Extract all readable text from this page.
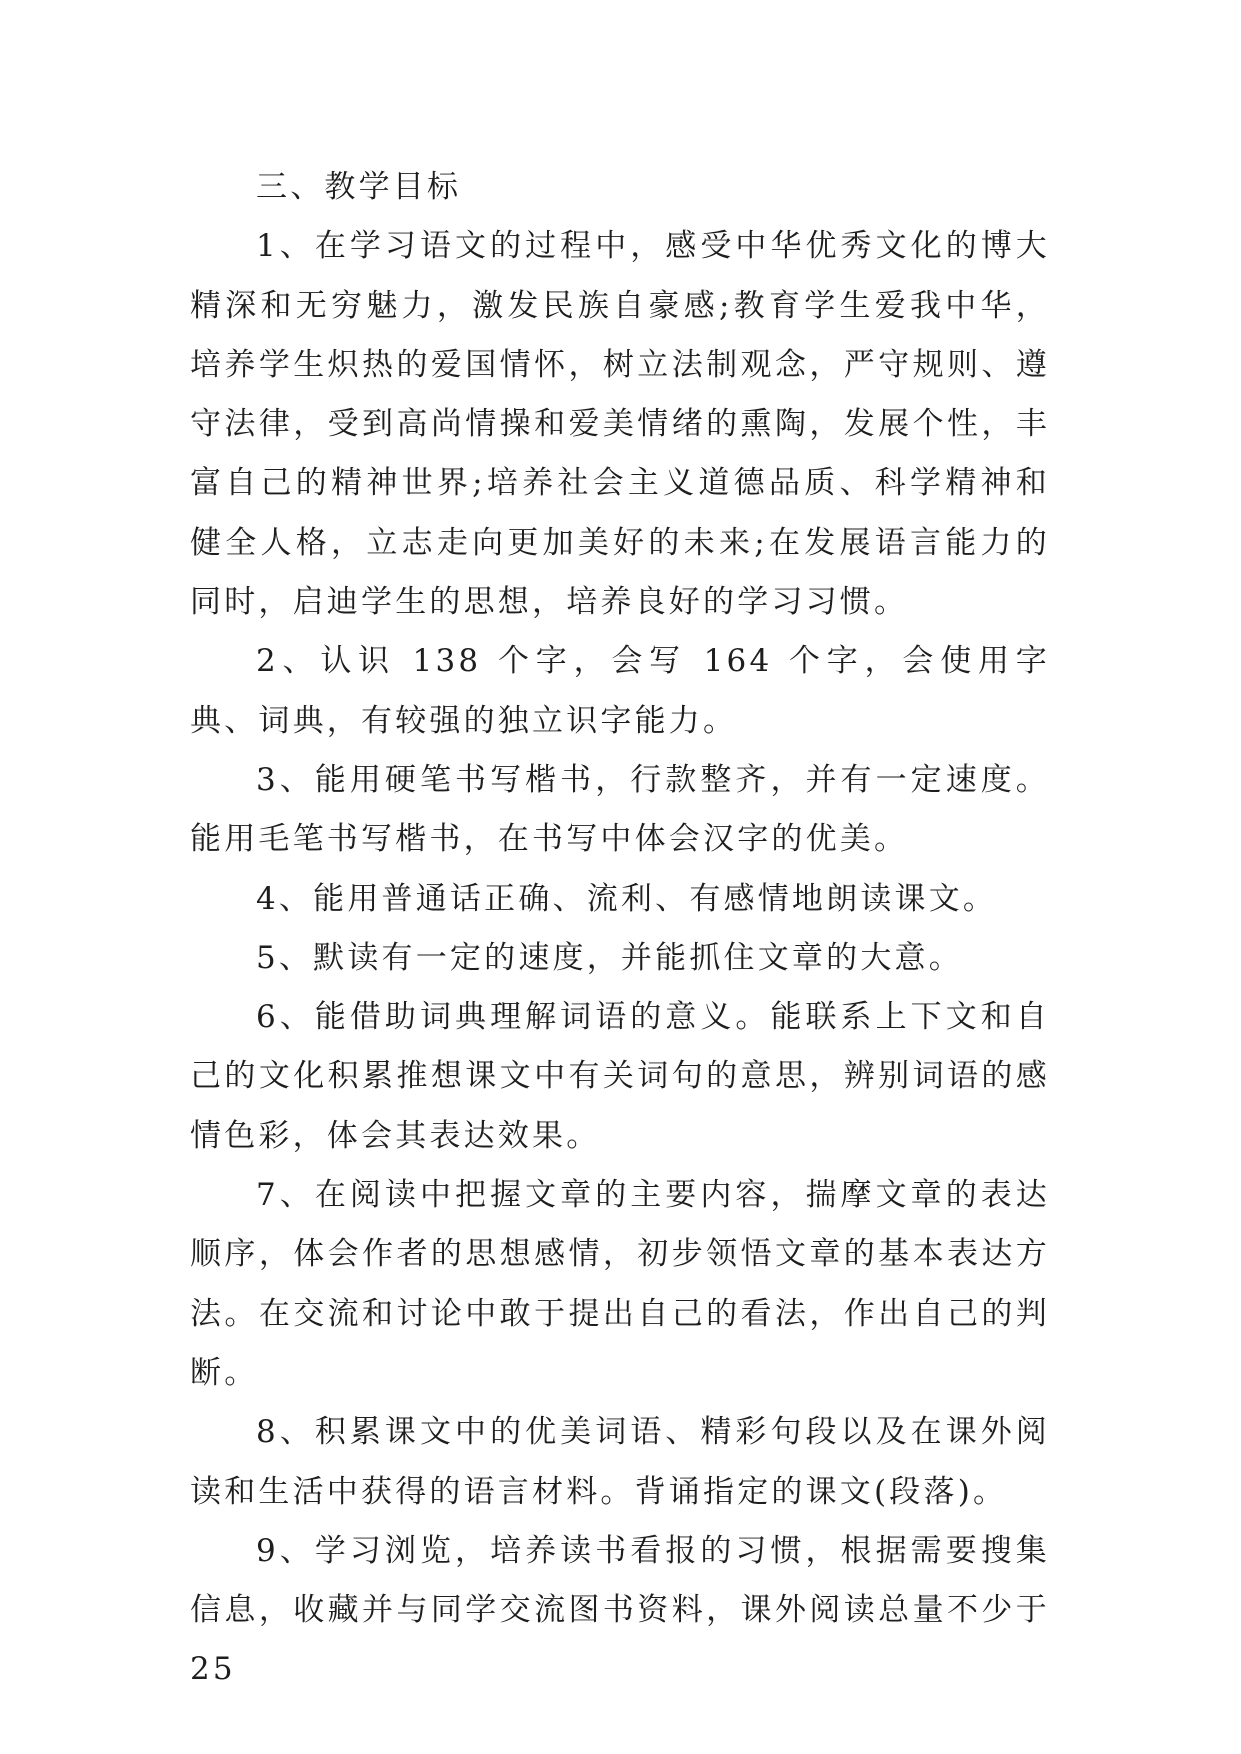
三、教学目标

1、在学习语文的过程中，感受中华优秀文化的博大精深和无穷魅力，激发民族自豪感;教育学生爱我中华，培养学生炽热的爱国情怀，树立法制观念，严守规则、遵守法律，受到高尚情操和爱美情绪的熏陶，发展个性，丰富自己的精神世界;培养社会主义道德品质、科学精神和健全人格，立志走向更加美好的未来;在发展语言能力的同时，启迪学生的思想，培养良好的学习习惯。

2、认识 138 个字，会写 164 个字，会使用字典、词典，有较强的独立识字能力。

3、能用硬笔书写楷书，行款整齐，并有一定速度。能用毛笔书写楷书，在书写中体会汉字的优美。

4、能用普通话正确、流利、有感情地朗读课文。

5、默读有一定的速度，并能抓住文章的大意。

6、能借助词典理解词语的意义。能联系上下文和自己的文化积累推想课文中有关词句的意思，辨别词语的感情色彩，体会其表达效果。

7、在阅读中把握文章的主要内容，揣摩文章的表达顺序，体会作者的思想感情，初步领悟文章的基本表达方法。在交流和讨论中敢于提出自己的看法，作出自己的判断。

8、积累课文中的优美词语、精彩句段以及在课外阅读和生活中获得的语言材料。背诵指定的课文(段落)。

9、学习浏览，培养读书看报的习惯，根据需要搜集信息，收藏并与同学交流图书资料，课外阅读总量不少于 25
